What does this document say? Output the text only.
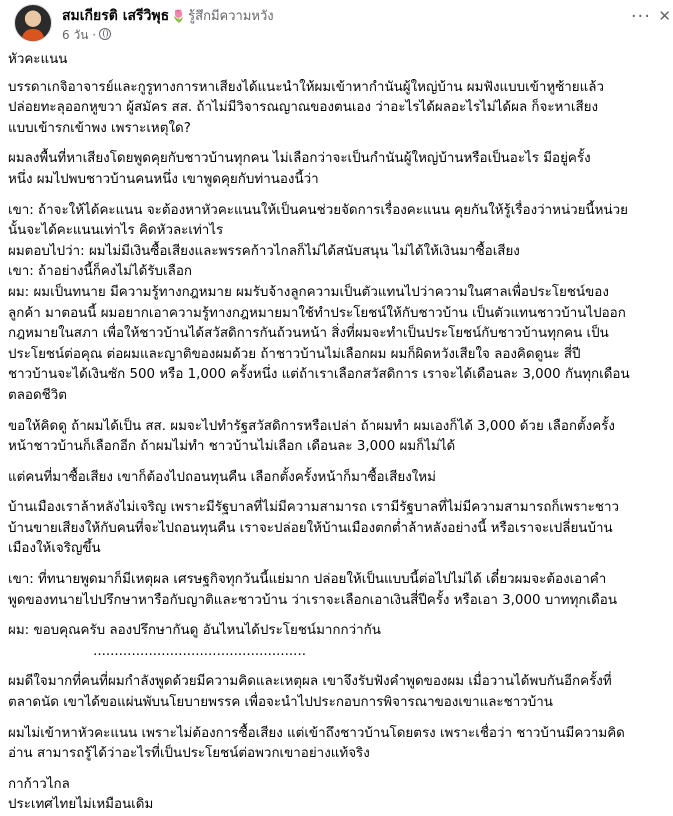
สมเกียรติ เสรีวิพุธ 🌷 รู้สึกมีความหวัง
6 วัน ·
··· ✕

หัวคะแนน

บรรดาเกจิอาจารย์และกูรูทางการหาเสียงได้แนะนำให้ผมเข้าหากำนันผู้ใหญ่บ้าน ผมฟังแบบเข้าหูซ้ายแล้ว
ปล่อยทะลุออกหูขวา ผู้สมัคร สส. ถ้าไม่มีวิจารณญาณของตนเอง ว่าอะไรได้ผลอะไรไม่ได้ผล ก็จะหาเสียง
แบบเข้ารกเข้าพง เพราะเหตุใด?

ผมลงพื้นที่หาเสียงโดยพูดคุยกับชาวบ้านทุกคน ไม่เลือกว่าจะเป็นกำนันผู้ใหญ่บ้านหรือเป็นอะไร มีอยู่ครั้ง
หนึ่ง ผมไปพบชาวบ้านคนหนึ่ง เขาพูดคุยกับท่านองนี้ว่า

เขา: ถ้าจะให้ได้คะแนน จะต้องหาหัวคะแนนให้เป็นคนช่วยจัดการเรื่องคะแนน คุยกันให้รู้เรื่องว่าหน่วยนี้หน่วย
นั้นจะได้คะแนนเท่าไร คิดหัวละเท่าไร
ผมตอบไปว่า: ผมไม่มีเงินซื้อเสียงและพรรคก้าวไกลก็ไม่ได้สนับสนุน ไม่ได้ให้เงินมาซื้อเสียง
เขา: ถ้าอย่างนี้ก็คงไม่ได้รับเลือก
ผม: ผมเป็นทนาย มีความรู้ทางกฎหมาย ผมรับจ้างลูกความเป็นตัวแทนไปว่าความในศาลเพื่อประโยชน์ของ
ลูกค้า มาตอนนี้ ผมอยากเอาความรู้ทางกฎหมายมาใช้ทำประโยชน์ให้กับชาวบ้าน เป็นตัวแทนชาวบ้านไปออก
กฎหมายในสภา เพื่อให้ชาวบ้านได้สวัสดิการกันถ้วนหน้า สิ่งที่ผมจะทำเป็นประโยชน์กับชาวบ้านทุกคน เป็น
ประโยชน์ต่อคุณ ต่อผมและญาติของผมด้วย ถ้าชาวบ้านไม่เลือกผม ผมก็ผิดหวังเสียใจ ลองคิดดูนะ สี่ปี
ชาวบ้านจะได้เงินซัก 500 หรือ 1,000 ครั้งหนึ่ง แต่ถ้าเราเลือกสวัสดิการ เราจะได้เดือนละ 3,000 กันทุกเดือน
ตลอดชีวิต

ขอให้คิดดู ถ้าผมได้เป็น สส. ผมจะไปทำรัฐสวัสดิการหรือเปล่า ถ้าผมทำ ผมเองก็ได้ 3,000 ด้วย เลือกตั้งครั้ง
หน้าชาวบ้านก็เลือกอีก ถ้าผมไม่ทำ ชาวบ้านไม่เลือก เดือนละ 3,000 ผมก็ไม่ได้

แต่คนที่มาซื้อเสียง เขาก็ต้องไปถอนทุนคืน เลือกตั้งครั้งหน้าก็มาซื้อเสียงใหม่

บ้านเมืองเราล้าหลังไม่เจริญ เพราะมีรัฐบาลที่ไม่มีความสามารถ เรามีรัฐบาลที่ไม่มีความสามารถก็เพราะชาว
บ้านขายเสียงให้กับคนที่จะไปถอนทุนคืน เราจะปล่อยให้บ้านเมืองตกต่ำล้าหลังอย่างนี้ หรือเราจะเปลี่ยนบ้าน
เมืองให้เจริญขึ้น

เขา: ที่ทนายพูดมาก็มีเหตุผล เศรษฐกิจทุกวันนี้แย่มาก ปล่อยให้เป็นแบบนี้ต่อไปไม่ได้ เดี๋ยวผมจะต้องเอาคำ
พูดของทนายไปปรึกษาหารือกับญาติและชาวบ้าน ว่าเราจะเลือกเอาเงินสี่ปีครั้ง หรือเอา 3,000 บาททุกเดือน

ผม: ขอบคุณครับ ลองปรึกษากันดู อันไหนได้ประโยชน์มากกว่ากัน

..................................................

ผมดีใจมากที่คนที่ผมกำลังพูดด้วยมีความคิดและเหตุผล เขาจึงรับฟังคำพูดของผม เมื่อวานได้พบกันอีกครั้งที่
ตลาดนัด เขาได้ขอแผ่นพับนโยบายพรรค เพื่อจะนำไปประกอบการพิจารณาของเขาและชาวบ้าน

ผมไม่เข้าหาหัวคะแนน เพราะไม่ต้องการซื้อเสียง แต่เข้าถึงชาวบ้านโดยตรง เพราะเชื่อว่า ชาวบ้านมีความคิด
อ่าน สามารถรู้ได้ว่าอะไรที่เป็นประโยชน์ต่อพวกเขาอย่างแท้จริง

กาก้าวไกล
ประเทศไทยไม่เหมือนเดิม
